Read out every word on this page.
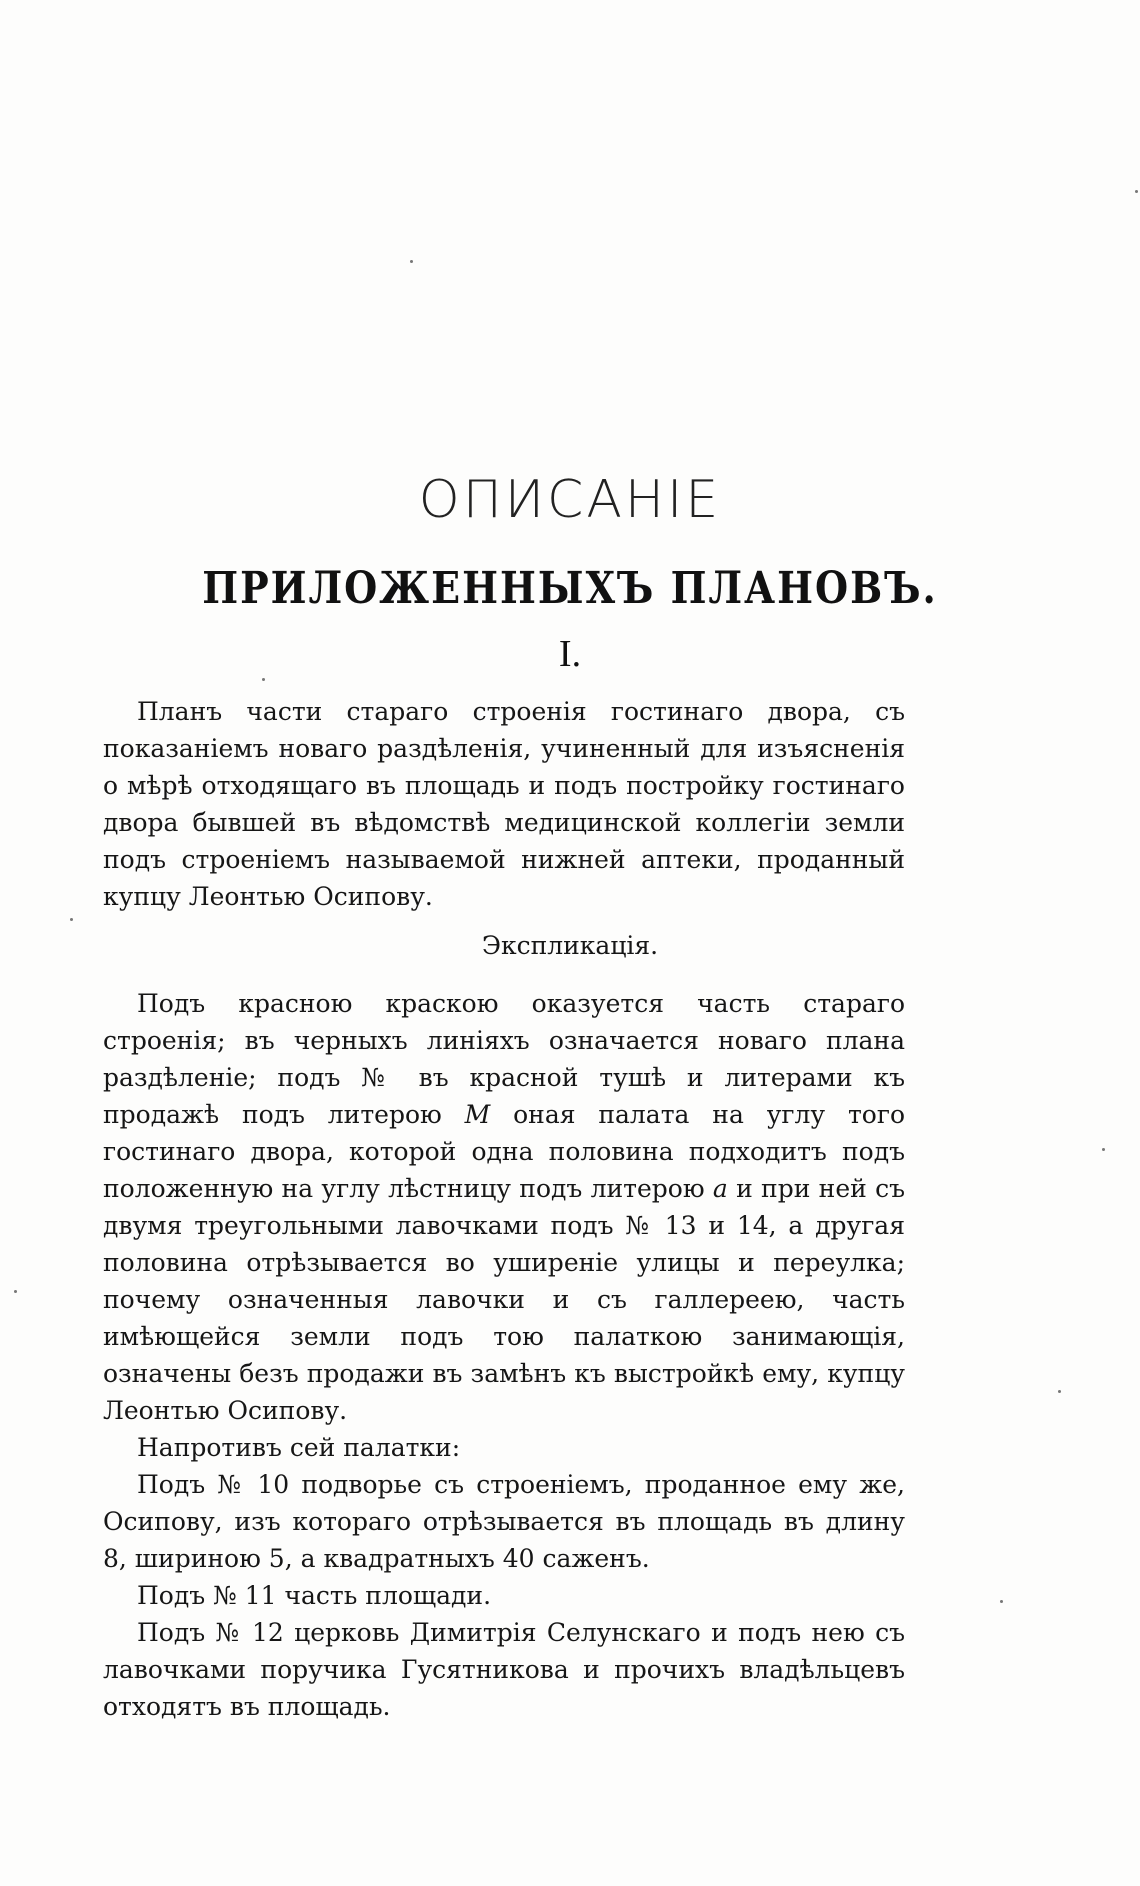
ОПИСАНIЕ
ПРИЛОЖЕННЫХЪ ПЛАНОВЪ.
I.

Планъ части стараго строенiя гостинаго двора, съ показанiемъ новаго раздѣленiя, учиненный для изъясненiя о мѣрѣ отходящаго въ площадь и подъ постройку гостинаго двора бывшей въ вѣдомствѣ медицинской коллегiи земли подъ строенiемъ называемой нижней аптеки, проданный купцу Леонтью Осипову.

Экспликацiя.

Подъ красною краскою оказуется часть стараго строенiя; въ черныхъ линiяхъ означается новаго плана раздѣленiе; подъ № въ красной тушѣ и литерами къ продажѣ подъ литерою М оная палата на углу того гостинаго двора, которой одна половина подходитъ подъ положенную на углу лѣстницу подъ литерою a и при ней съ двумя треугольными лавочками подъ № 13 и 14, а другая половина отрѣзывается во ушиpенiе улицы и переулка; почему означенныя лавочки и съ галлереею, часть имѣющейся земли подъ тою палаткою занимающiя, означены безъ продажи въ замѣнъ къ выстройкѣ ему, купцу Леонтью Осипову.

Напротивъ сей палатки:

Подъ № 10 подворье съ строенiемъ, проданное ему же, Осипову, изъ котораго отрѣзывается въ площадь въ длину 8, шириною 5, а квадратныхъ 40 саженъ.

Подъ № 11 часть площади.

Подъ № 12 церковь Димитрiя Селунскаго и подъ нею съ лавочками поручика Гусятникова и прочихъ владѣльцевъ отходятъ въ площадь.
